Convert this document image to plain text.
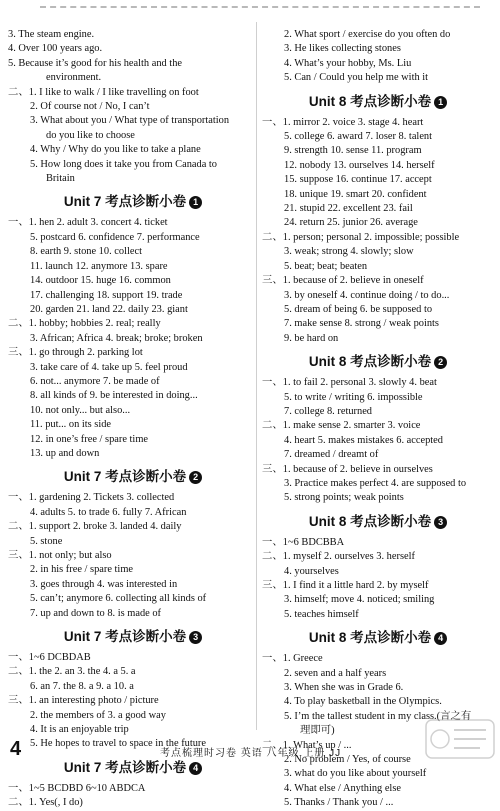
3. The steam engine.
4. Over 100 years ago.
5. Because it’s good for his health and the
environment.
二、1. I like to walk / I like travelling on foot
2. Of course not / No, I can’t
3. What about you / What type of transportation
do you like to choose
4. Why / Why do you like to take a plane
5. How long does it take you from Canada to
Britain
Unit 7 考点诊断小卷 1
一、1. hen 2. adult 3. concert 4. ticket
5. postcard 6. confidence 7. performance
8. earth 9. stone 10. collect
11. launch 12. anymore 13. spare
14. outdoor 15. huge 16. common
17. challenging 18. support 19. trade
20. garden 21. land 22. daily 23. giant
二、1. hobby; hobbies 2. real; really
3. African; Africa 4. break; broke; broken
三、1. go through 2. parking lot
3. take care of 4. take up 5. feel proud
6. not... anymore 7. be made of
8. all kinds of 9. be interested in doing...
10. not only... but also...
11. put... on its side
12. in one’s free / spare time
13. up and down
Unit 7 考点诊断小卷 2
一、1. gardening 2. Tickets 3. collected
4. adults 5. to trade 6. fully 7. African
二、1. support 2. broke 3. landed 4. daily
5. stone
三、1. not only; but also
2. in his free / spare time
3. goes through 4. was interested in
5. can’t; anymore 6. collecting all kinds of
7. up and down to 8. is made of
Unit 7 考点诊断小卷 3
一、1~6 DCBDAB
二、1. the 2. an 3. the 4. a 5. a
6. an 7. the 8. a 9. a 10. a
三、1. an interesting photo / picture
2. the members of 3. a good way
4. It is an enjoyable trip
5. He hopes to travel to space in the future
Unit 7 考点诊断小卷 4
一、1~5 BCDBD 6~10 ABDCA
二、1. Yes(, I do)
2. What sport / exercise do you often do
3. He likes collecting stones
4. What’s your hobby, Ms. Liu
5. Can / Could you help me with it
Unit 8 考点诊断小卷 1
一、1. mirror 2. voice 3. stage 4. heart
5. college 6. award 7. loser 8. talent
9. strength 10. sense 11. program
12. nobody 13. ourselves 14. herself
15. suppose 16. continue 17. accept
18. unique 19. smart 20. confident
21. stupid 22. excellent 23. fail
24. return 25. junior 26. average
二、1. person; personal 2. impossible; possible
3. weak; strong 4. slowly; slow
5. beat; beat; beaten
三、1. because of 2. believe in oneself
3. by oneself 4. continue doing / to do...
5. dream of being 6. be supposed to
7. make sense 8. strong / weak points
9. be hard on
Unit 8 考点诊断小卷 2
一、1. to fail 2. personal 3. slowly 4. beat
5. to write / writing 6. impossible
7. college 8. returned
二、1. make sense 2. smarter 3. voice
4. heart 5. makes mistakes 6. accepted
7. dreamed / dreamt of
三、1. because of 2. believe in ourselves
3. Practice makes perfect 4. are supposed to
5. strong points; weak points
Unit 8 考点诊断小卷 3
一、1~6 BDCBBA
二、1. myself 2. ourselves 3. herself
4. yourselves
三、1. I find it a little hard 2. by myself
3. himself; move 4. noticed; smiling
5. teaches himself
Unit 8 考点诊断小卷 4
一、1. Greece
2. seven and a half years
3. When she was in Grade 6.
4. To play basketball in the Olympics.
5. I’m the tallest student in my class.(言之有
理即可)
二、1. What’s up / ...
2. No problem / Yes, of course
3. what do you like about yourself
4. What else / Anything else
5. Thanks / Thank you / ...
4	考点梳理时习卷 英语 八年级 上册 JJ
